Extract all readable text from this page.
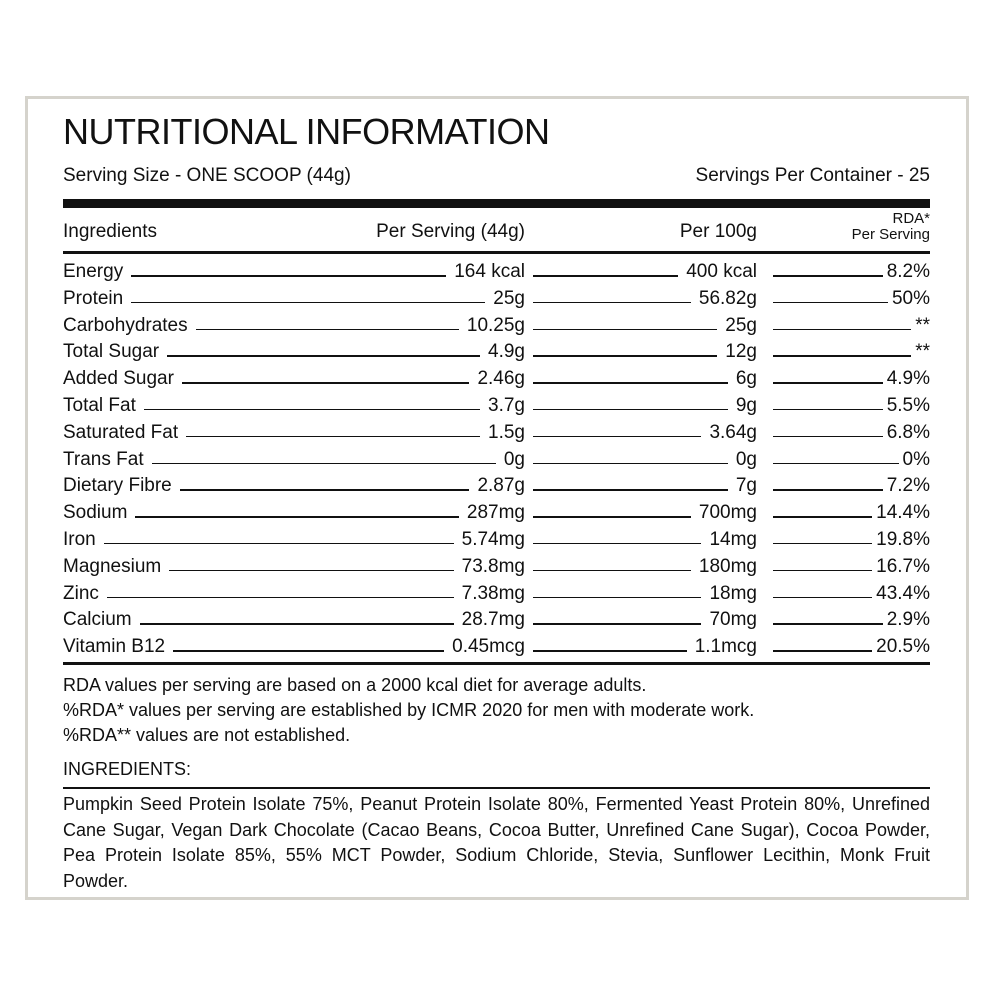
NUTRITIONAL INFORMATION
Serving Size - ONE SCOOP (44g)	Servings Per Container - 25
Ingredients	Per Serving (44g)	Per 100g
RDA*
Per Serving
Energy	164 kcal	400 kcal	8.2%
Protein	25g	56.82g	50%
Carbohydrates	10.25g	25g	**
Total Sugar	4.9g	12g	**
Added Sugar	2.46g	6g	4.9%
Total Fat	3.7g	9g	5.5%
Saturated Fat	1.5g	3.64g	6.8%
Trans Fat	0g	0g	0%
Dietary Fibre	2.87g	7g	7.2%
Sodium	287mg	700mg	14.4%
Iron	5.74mg	14mg	19.8%
Magnesium	73.8mg	180mg	16.7%
Zinc	7.38mg	18mg	43.4%
Calcium	28.7mg	70mg	2.9%
Vitamin B12	0.45mcg	1.1mcg	20.5%
RDA values per serving are based on a 2000 kcal diet for average adults.
%RDA* values per serving are established by ICMR 2020 for men with moderate work.
%RDA** values are not established.
INGREDIENTS:
Pumpkin Seed Protein Isolate 75%, Peanut Protein Isolate 80%, Fermented Yeast Protein 80%, Unrefined Cane Sugar, Vegan Dark Chocolate (Cacao Beans, Cocoa Butter, Unrefined Cane Sugar), Cocoa Powder, Pea Protein Isolate 85%, 55% MCT Powder, Sodium Chloride, Stevia, Sunflower Lecithin, Monk Fruit Powder.
